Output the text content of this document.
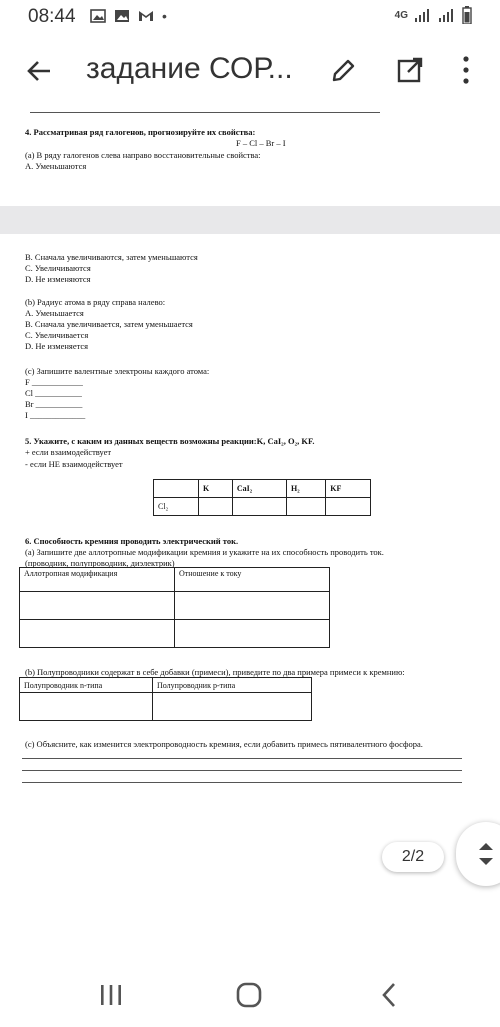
08:44	•	4G
задание СОР...
4. Рассматривая ряд галогенов, прогнозируйте их свойства:
F – Cl – Br – I
(a) В ряду галогенов слева направо восстановительные свойства:
A. Уменьшаются
B. Сначала увеличиваются, затем уменьшаются
C. Увеличиваются
D. Не изменяются
(b) Радиус атома в ряду справа налево:
A. Уменьшается
B. Сначала увеличивается, затем уменьшается
C. Увеличивается
D. Не изменяется
(c) Запишите валентные электроны каждого атома:
F ____________
Cl ___________
Br ___________
I _____________
5. Укажите, с каким из данных веществ возможны реакции:K, CaI₂, O₂, KF.
+ если взаимодействует
- если НЕ взаимодействует
	K	CaI₂	H₂	KF
Cl₂				
6. Способность кремния проводить электрический ток.
(a) Запишите две аллотропные модификации кремния и укажите на их способность проводить ток.
(проводник, полупроводник, диэлектрик)
Аллотропная модификация	Отношение к току

(b) Полупроводники содержат в себе добавки (примеси), приведите по два примера примеси к кремнию:
Полупроводник n-типа	Полупроводник p-типа

(c) Объясните, как изменится электропроводность кремния, если добавить примесь пятивалентного фосфора.
2/2
